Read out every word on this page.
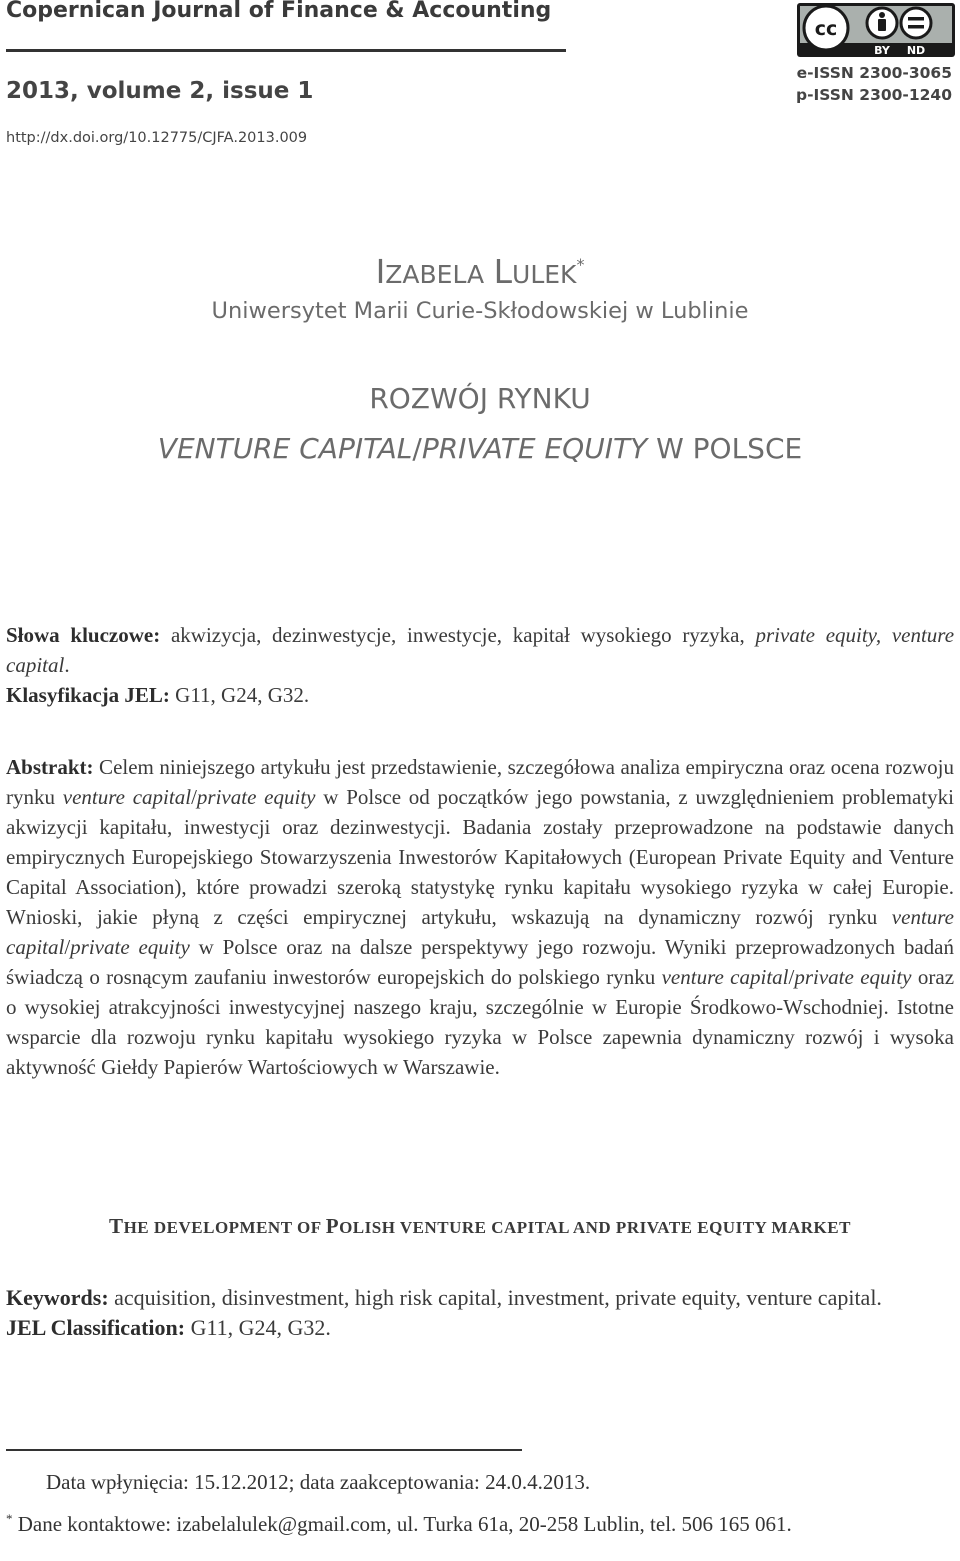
Copernican Journal of Finance & Accounting
2013, volume 2, issue 1
http://dx.doi.org/10.12775/CJFA.2013.009
cc
BY ND
e-ISSN 2300-3065
p-ISSN 2300-1240
IZABELA LULEK*
Uniwersytet Marii Curie-Skłodowskiej w Lublinie
ROZWÓJ RYNKU
VENTURE CAPITAL/PRIVATE EQUITY W POLSCE
Słowa kluczowe: akwizycja, dezinwestycje, inwestycje, kapitał wysokiego ryzyka, private equity, venture capital.
Klasyfikacja JEL: G11, G24, G32.
Abstrakt: Celem niniejszego artykułu jest przedstawienie, szczegółowa analiza empiryczna oraz ocena rozwoju rynku venture capital/private equity w Polsce od początków jego powstania, z uwzględnieniem problematyki akwizycji kapitału, inwestycji oraz dezinwestycji. Badania zostały przeprowadzone na podstawie danych empirycznych Europejskiego Stowarzyszenia Inwestorów Kapitałowych (European Private Equity and Venture Capital Association), które prowadzi szeroką statystykę rynku kapitału wysokiego ryzyka w całej Europie. Wnioski, jakie płyną z części empirycznej artykułu, wskazują na dynamiczny rozwój rynku venture capital/private equity w Polsce oraz na dalsze perspektywy jego rozwoju. Wyniki przeprowadzonych badań świadczą o rosnącym zaufaniu inwestorów europejskich do polskiego rynku venture capital/private equity oraz o wysokiej atrakcyjności inwestycyjnej naszego kraju, szczególnie w Europie Środkowo-Wschodniej. Istotne wsparcie dla rozwoju rynku kapitału wysokiego ryzyka w Polsce zapewnia dynamiczny rozwój i wysoka aktywność Giełdy Papierów Wartościowych w Warszawie.
THE DEVELOPMENT OF POLISH VENTURE CAPITAL AND PRIVATE EQUITY MARKET
Keywords: acquisition, disinvestment, high risk capital, investment, private equity, venture capital.
JEL Classification: G11, G24, G32.
Data wpłynięcia: 15.12.2012; data zaakceptowania: 24.0.4.2013.
* Dane kontaktowe: izabelalulek@gmail.com, ul. Turka 61a, 20-258 Lublin, tel. 506 165 061.
